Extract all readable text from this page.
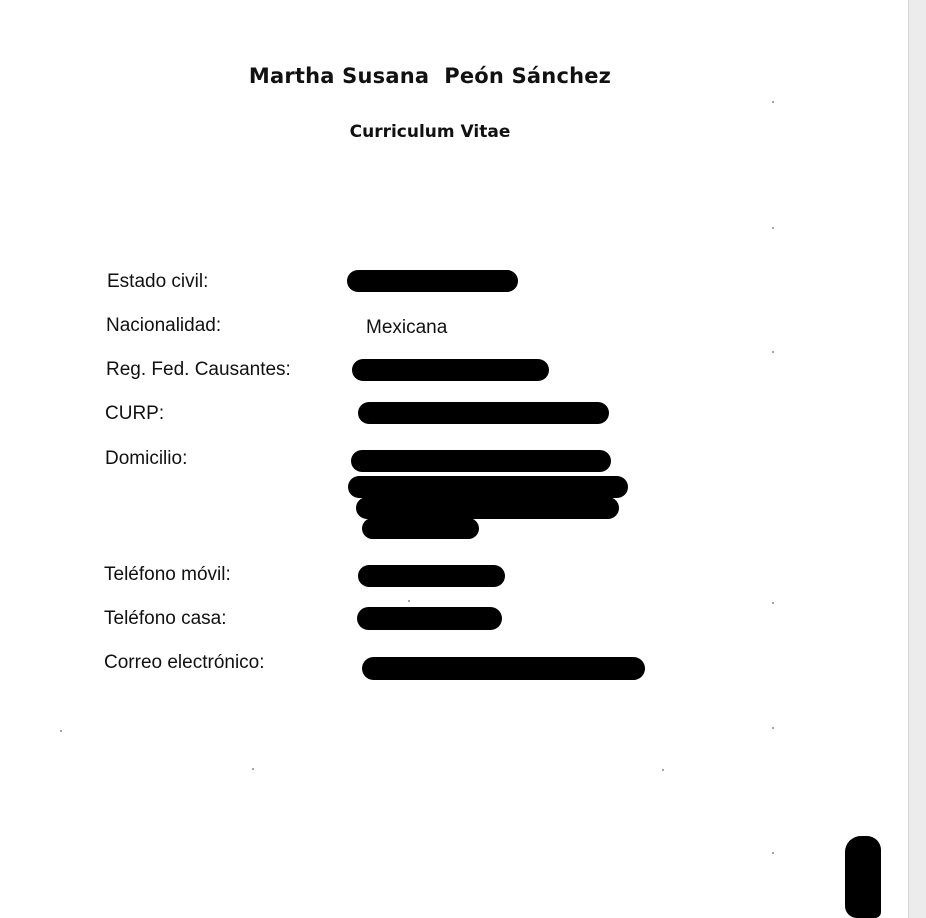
Martha Susana  Peón Sánchez
Curriculum Vitae
Estado civil:
Nacionalidad:	Mexicana
Reg. Fed. Causantes:
CURP:
Domicilio:
Teléfono móvil:
Teléfono casa:
Correo electrónico:
